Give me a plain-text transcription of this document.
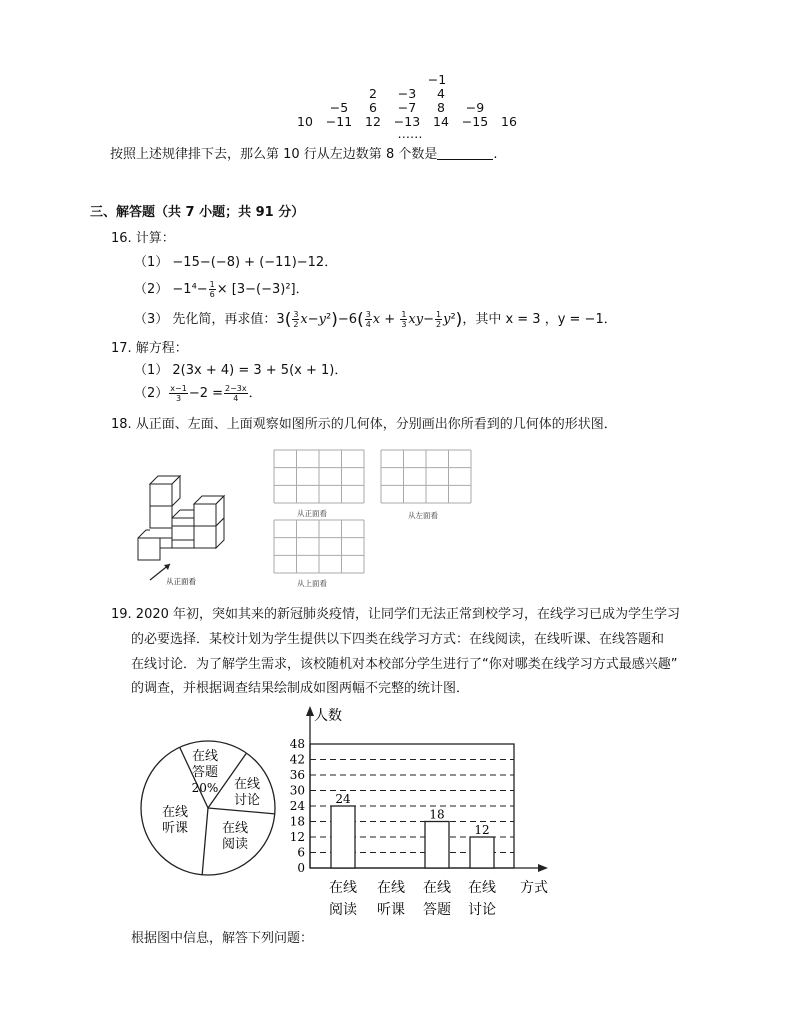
−1
2	−3	4
−5	6	−7	8	−9
10	−11	12	−13	14	−15	16
……
按照上述规律排下去，那么第 10 行从左边数第 8 个数是	.
三、解答题（共 7 小题；共 91 分）
16. 计算：
（1） −15−(−8) + (−11)−12．
$(2) -1^4- \frac{1}{6} \times [3-(-3)^2]$．
（3） 先化简，再求值：$3( \frac{3}{2} x-y^2)-6( \frac{3}{4}$ $x + \frac{1}{3} xy- \frac{1}{2} y^2$)，其中 x = 3 ，y = −1．
17. 解方程：
（1） 2(3x + 4) = 3 + 5(x + 1)．
$(2) \frac{x-1}{3} -2 = \frac{2-3x}{4}$ ．
18. 从正面、左面、上面观察如图所示的几何体，分别画出你所看到的几何体的形状图．
从正面看
从正面看	从左面看
从上面看
19. 2020 年初，突如其来的新冠肺炎疫情，让同学们无法正常到校学习，在线学习已成为学生学习
的必要选择．某校计划为学生提供以下四类在线学习方式：在线阅读，在线听课、在线答题和
在线讨论．为了解学生需求，该校随机对本校部分学生进行了“你对哪类在线学习方式最感兴趣”
的调查，并根据调查结果绘制成如图两幅不完整的统计图．
在线答题 20% 在线讨论
在线阅读
在线听课
0
6
12
18
24
30
36
42
48
人数
方式
24
在线
阅读
在线
听课
18
在线
答题
12
在线
讨论
根据图中信息，解答下列问题：
